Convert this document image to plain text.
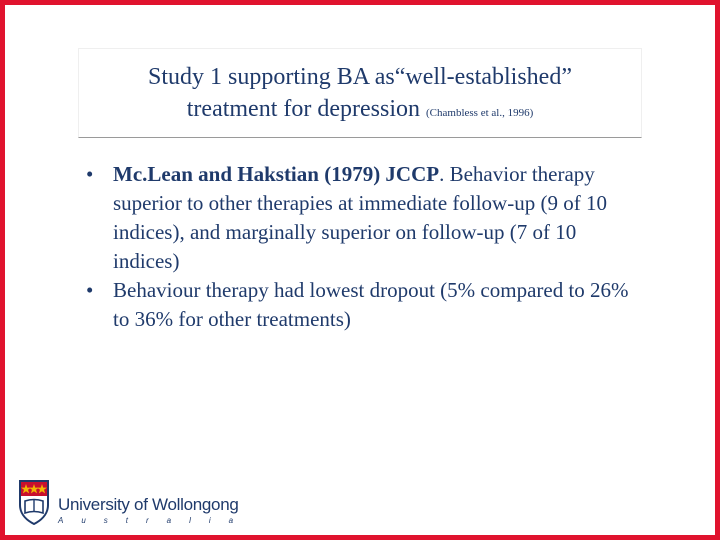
Study 1 supporting BA as“well-established”
treatment for depression (Chambless et al., 1996)
• Mc.Lean and Hakstian (1979) JCCP. Behavior therapy superior to other therapies at immediate follow-up (9 of 10 indices), and marginally superior on follow-up (7 of 10 indices)
• Behaviour therapy had lowest dropout (5% compared to 26% to 36% for other treatments)
University of Wollongong
Australia
